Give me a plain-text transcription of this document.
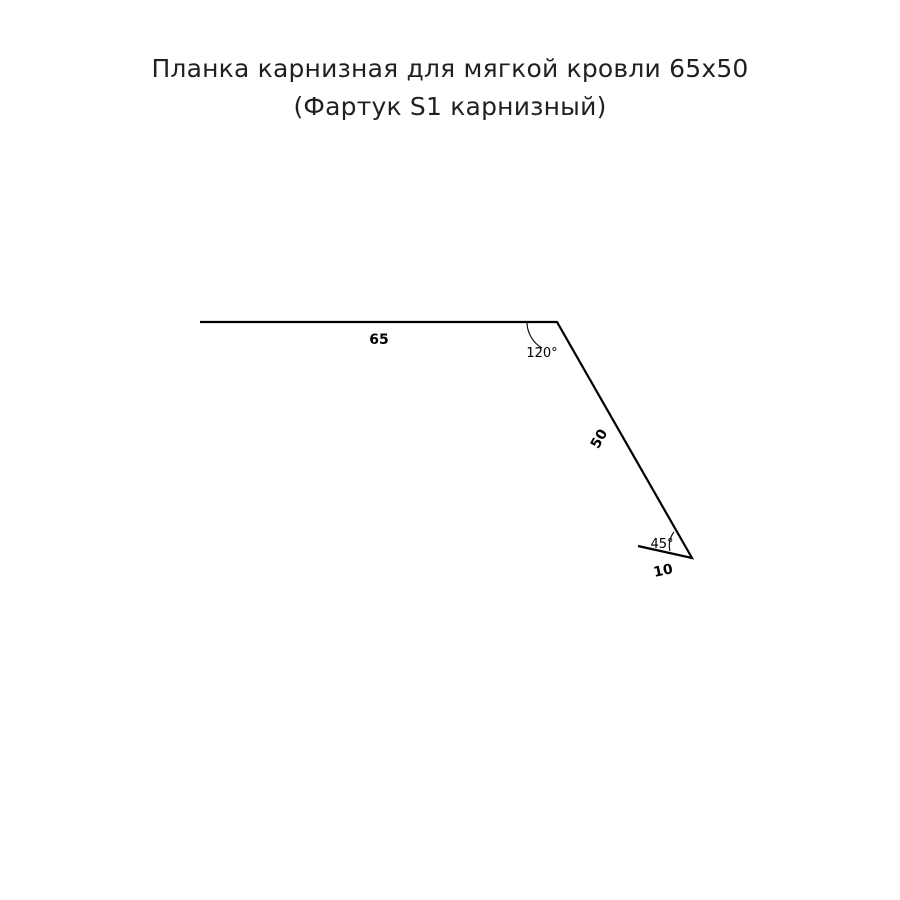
Планка карнизная для мягкой кровли 65х50
(Фартук S1 карнизный)
65
50
10
120°
45°
